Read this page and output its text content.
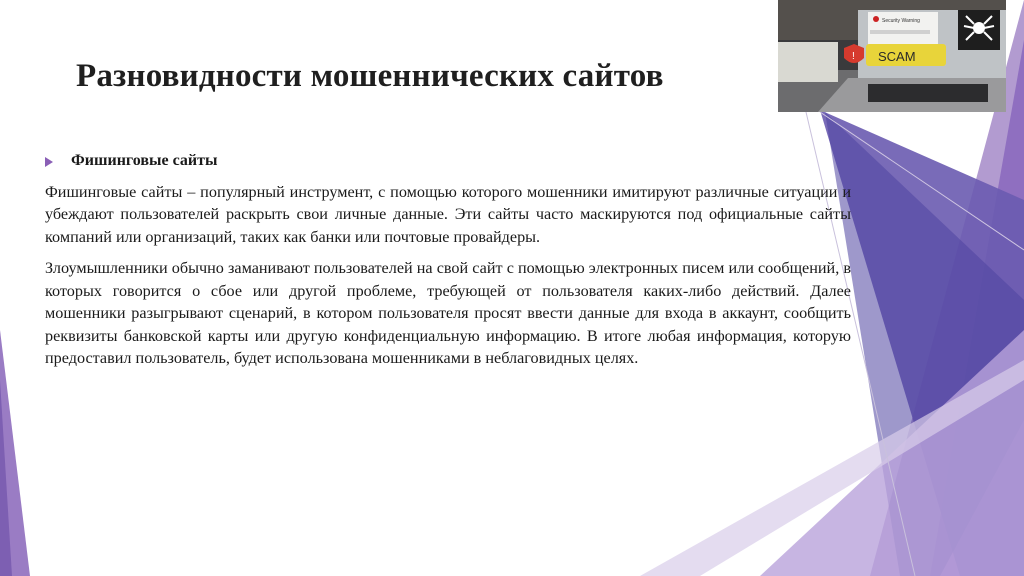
Security Warning
SCAM
!
Разновидности мошеннических сайтов
Фишинговые сайты

Фишинговые сайты – популярный инструмент, с помощью которого мошенники имитируют различные ситуации и убеждают пользователей раскрыть свои личные данные. Эти сайты часто маскируются под официальные сайты компаний или организаций, таких как банки или почтовые провайдеры.

Злоумышленники обычно заманивают пользователей на свой сайт с помощью электронных писем или сообщений, в которых говорится о сбое или другой проблеме, требующей от пользователя каких-либо действий. Далее мошенники разыгрывают сценарий, в котором пользователя просят ввести данные для входа в аккаунт, сообщить реквизиты банковской карты или другую конфиденциальную информацию. В итоге любая информация, которую предоставил пользователь, будет использована мошенниками в неблаговидных целях.
